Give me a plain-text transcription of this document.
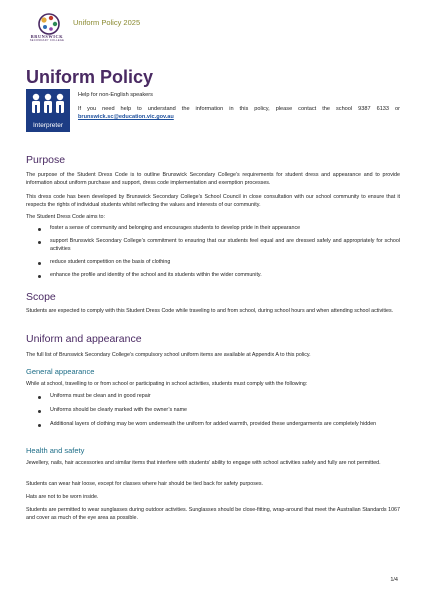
BRUNSWICK
SECONDARY COLLEGE
Uniform Policy 2025
Uniform Policy
Interpreter
Help for non-English speakers

If you need help to understand the information in this policy, please contact the school 9387 6133 or brunswick.sc@education.vic.gov.au

Purpose

The purpose of the Student Dress Code is to outline Brunswick Secondary College’s requirements for student dress and appearance and to provide information about uniform purchase and support, dress code implementation and exemption processes.

This dress code has been developed by Brunswick Secondary College’s School Council in close consultation with our school community to ensure that it respects the rights of individual students whilst reflecting the values and interests of our community.

The Student Dress Code aims to:

foster a sense of community and belonging and encourages students to develop pride in their appearance

support Brunswick Secondary College’s commitment to ensuring that our students feel equal and are dressed safely and appropriately for school activities

reduce student competition on the basis of clothing

enhance the profile and identity of the school and its students within the wider community.

Scope

Students are expected to comply with this Student Dress Code while traveling to and from school, during school hours and when attending school activities.

Uniform and appearance

The full list of Brunswick Secondary College’s compulsory school uniform items are available at Appendix A to this policy.

General appearance

While at school, travelling to or from school or participating in school activities, students must comply with the following:

Uniforms must be clean and in good repair

Uniforms should be clearly marked with the owner’s name

Additional layers of clothing may be worn underneath the uniform for added warmth, provided these undergarments are completely hidden

Health and safety

Jewellery, nails, hair accessories and similar items that interfere with students’ ability to engage with school activities safely and fully are not permitted.

Students can wear hair loose, except for classes where hair should be tied back for safety purposes.

Hats are not to be worn inside.

Students are permitted to wear sunglasses during outdoor activities. Sunglasses should be close-fitting, wrap-around that meet the Australian Standards 1067 and cover as much of the eye area as possible.

1/4
